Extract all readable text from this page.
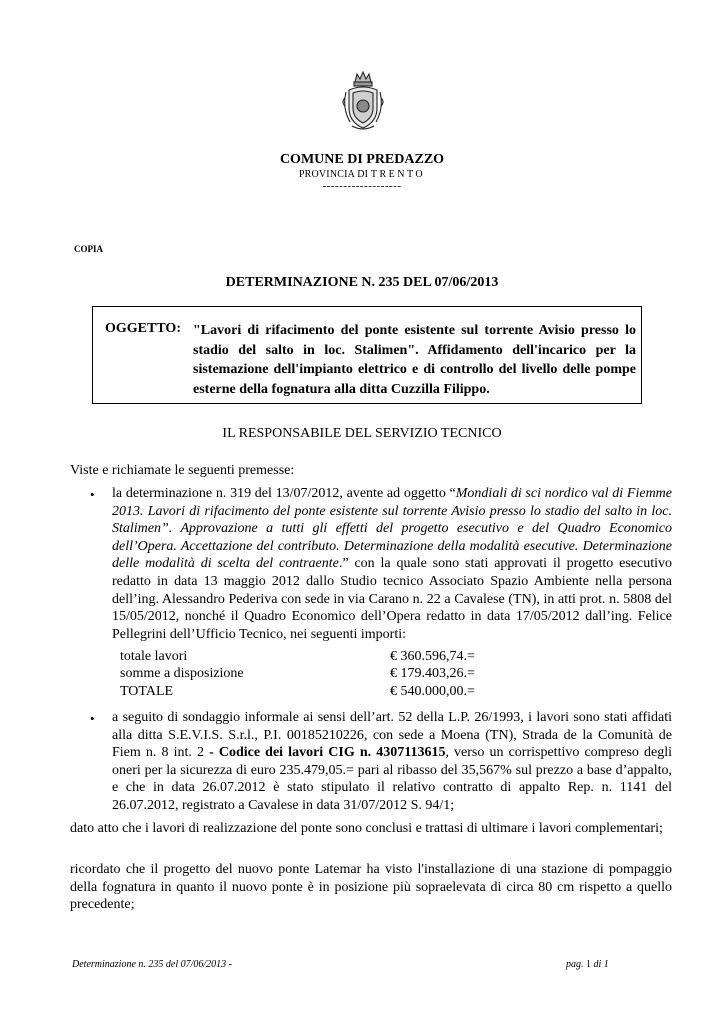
COMUNE DI PREDAZZO
PROVINCIA DI TRENTO
-------------------
COPIA
DETERMINAZIONE N. 235 DEL 07/06/2013
OGGETTO: "Lavori di rifacimento del ponte esistente sul torrente Avisio presso lo stadio del salto in loc. Stalimen". Affidamento dell'incarico per la sistemazione dell'impianto elettrico e di controllo del livello delle pompe esterne della fognatura alla ditta Cuzzilla Filippo.
IL RESPONSABILE DEL SERVIZIO TECNICO
Viste e richiamate le seguenti premesse:
• la determinazione n. 319 del 13/07/2012, avente ad oggetto “Mondiali di sci nordico val di Fiemme 2013. Lavori di rifacimento del ponte esistente sul torrente Avisio presso lo stadio del salto in loc. Stalimen”. Approvazione a tutti gli effetti del progetto esecutivo e del Quadro Economico dell’Opera. Accettazione del contributo. Determinazione della modalità esecutive. Determinazione delle modalità di scelta del contraente.” con la quale sono stati approvati il progetto esecutivo redatto in data 13 maggio 2012 dallo Studio tecnico Associato Spazio Ambiente nella persona dell’ing. Alessandro Pederiva con sede in via Carano n. 22 a Cavalese (TN), in atti prot. n. 5808 del 15/05/2012, nonché il Quadro Economico dell’Opera redatto in data 17/05/2012 dall’ing. Felice Pellegrini dell’Ufficio Tecnico, nei seguenti importi:
totale lavori	€ 360.596,74.=
somme a disposizione	€ 179.403,26.=
TOTALE	€ 540.000,00.=
• a seguito di sondaggio informale ai sensi dell’art. 52 della L.P. 26/1993, i lavori sono stati affidati alla ditta S.E.V.I.S. S.r.l., P.I. 00185210226, con sede a Moena (TN), Strada de la Comunità de Fiem n. 8 int. 2 - Codice dei lavori CIG n. 4307113615, verso un corrispettivo compreso degli oneri per la sicurezza di euro 235.479,05.= pari al ribasso del 35,567% sul prezzo a base d’appalto, e che in data 26.07.2012 è stato stipulato il relativo contratto di appalto Rep. n. 1141 del 26.07.2012, registrato a Cavalese in data 31/07/2012 S. 94/1;
dato atto che i lavori di realizzazione del ponte sono conclusi e trattasi di ultimare i lavori complementari;
ricordato che il progetto del nuovo ponte Latemar ha visto l'installazione di una stazione di pompaggio della fognatura in quanto il nuovo ponte è in posizione più sopraelevata di circa 80 cm rispetto a quello precedente;
Determinazione n. 235 del 07/06/2013 -	pag. 1 di 1
